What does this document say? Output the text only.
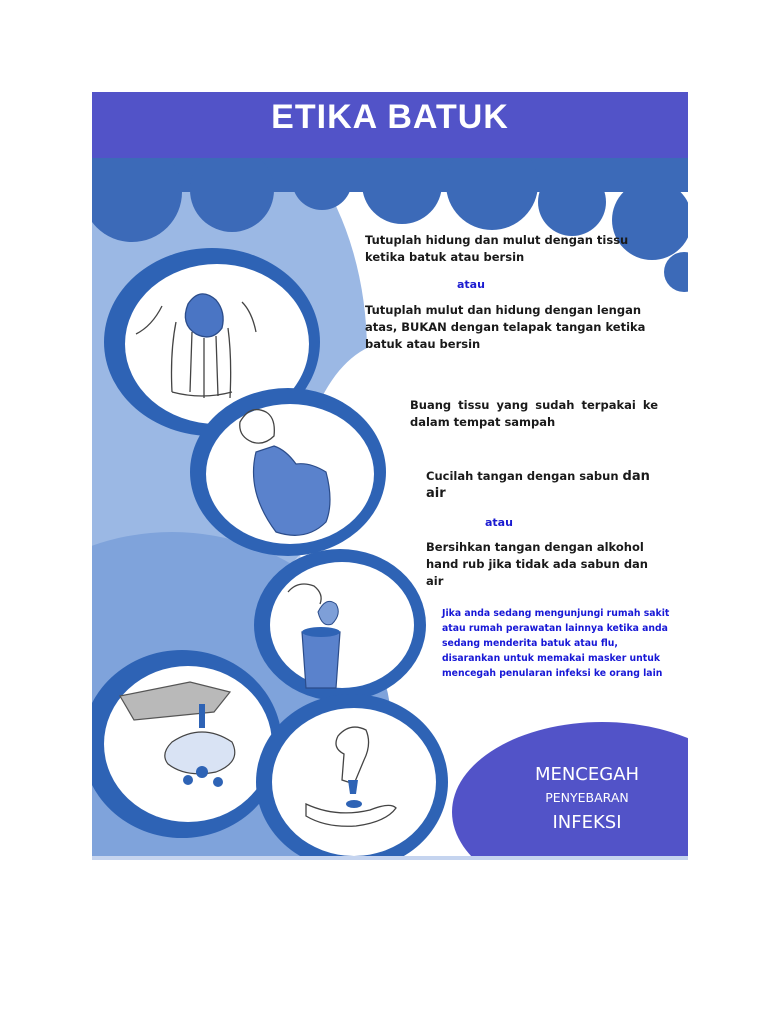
ETIKA BATUK
Tutuplah hidung dan mulut dengan tissu ketika batuk atau bersin
atau
Tutuplah mulut dan hidung dengan lengan atas, BUKAN dengan telapak tangan ketika batuk atau bersin
Buang tissu yang sudah terpakai ke dalam tempat sampah
Cucilah tangan dengan sabun dan air
atau
Bersihkan tangan dengan alkohol hand rub jika tidak ada sabun dan air
Jika anda sedang mengunjungi rumah sakit atau rumah perawatan lainnya ketika anda sedang menderita batuk atau flu, disarankan untuk memakai masker untuk mencegah penularan infeksi ke orang lain
MENCEGAH
PENYEBARAN
INFEKSI
